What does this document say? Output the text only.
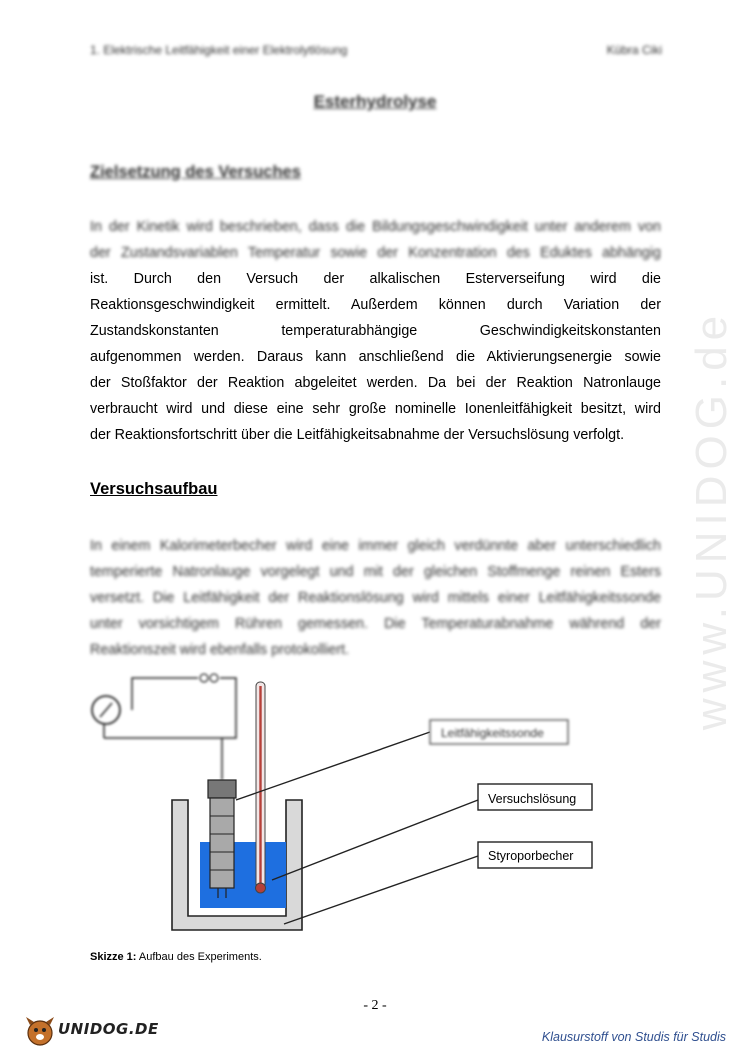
1. Elektrische Leitfähigkeit einer Elektrolytlösung	Kübra Ciki
www.UNIDOG.de
Esterhydrolyse
Zielsetzung des Versuches
In der Kinetik wird beschrieben, dass die Bildungsgeschwindigkeit unter anderem von
der Zustandsvariablen Temperatur sowie der Konzentration des Eduktes abhängig
ist. Durch den Versuch der alkalischen Esterverseifung wird die
Reaktionsgeschwindigkeit ermittelt. Außerdem können durch Variation der
Zustandskonstanten temperaturabhängige Geschwindigkeitskonstanten
aufgenommen werden. Daraus kann anschließend die Aktivierungsenergie sowie
der Stoßfaktor der Reaktion abgeleitet werden. Da bei der Reaktion Natronlauge
verbraucht wird und diese eine sehr große nominelle Ionenleitfähigkeit besitzt, wird
der Reaktionsfortschritt über die Leitfähigkeitsabnahme der Versuchslösung verfolgt.
Versuchsaufbau
In einem Kalorimeterbecher wird eine immer gleich verdünnte aber unterschiedlich
temperierte Natronlauge vorgelegt und mit der gleichen Stoffmenge reinen Esters
versetzt. Die Leitfähigkeit der Reaktionslösung wird mittels einer Leitfähigkeitssonde
unter vorsichtigem Rühren gemessen. Die Temperaturabnahme während der
Reaktionszeit wird ebenfalls protokolliert.
Leitfähigkeitssonde
Versuchslösung
Styroporbecher
Skizze 1: Aufbau des Experiments.
- 2 -
UNIDOG.DE	Klausurstoff von Studis für Studis
